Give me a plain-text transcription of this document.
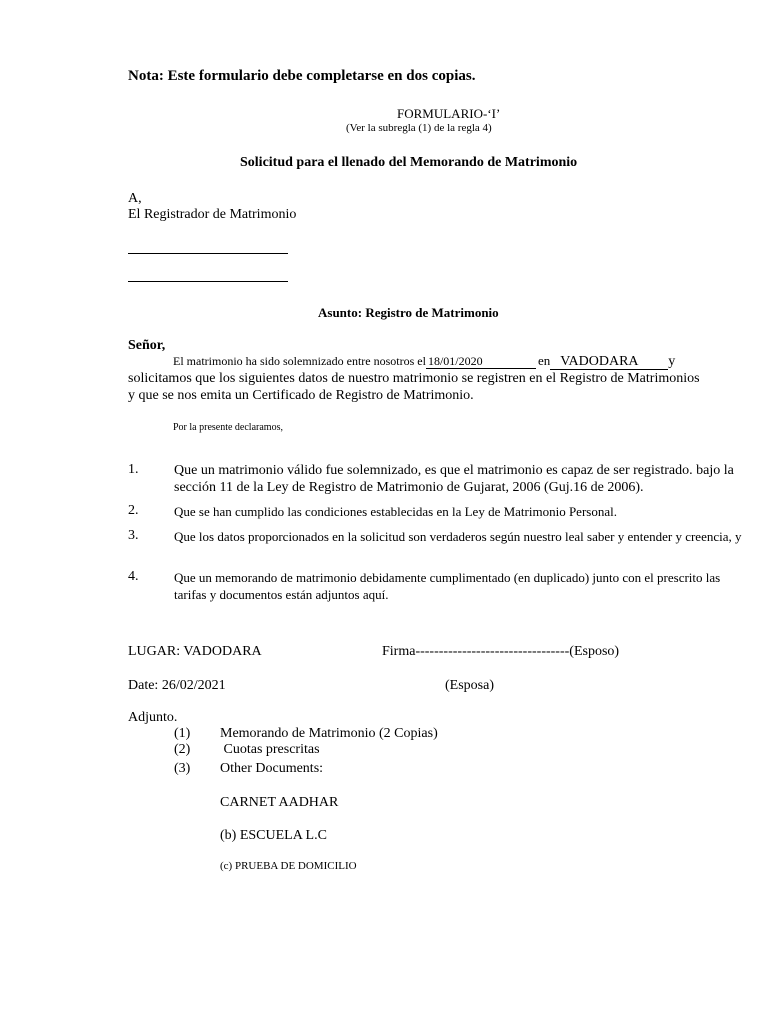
Nota: Este formulario debe completarse en dos copias.
FORMULARIO-‘I’
(Ver la subregla (1) de la regla 4)
Solicitud para el llenado del Memorando de Matrimonio
A,
El Registrador de Matrimonio
Asunto: Registro de Matrimonio
Señor,
El matrimonio ha sido solemnizado entre nosotros el 18/01/2020	en VADODARA y
solicitamos que los siguientes datos de nuestro matrimonio se registren en el Registro de Matrimonios
y que se nos emita un Certificado de Registro de Matrimonio.
Por la presente declaramos,
1.	Que un matrimonio válido fue solemnizado, es que el matrimonio es capaz de ser registrado. bajo la sección 11 de la Ley de Registro de Matrimonio de Gujarat, 2006 (Guj.16 de 2006).
2.	Que se han cumplido las condiciones establecidas en la Ley de Matrimonio Personal.
3.	Que los datos proporcionados en la solicitud son verdaderos según nuestro leal saber y entender y creencia, y
4.	Que un memorando de matrimonio debidamente cumplimentado (en duplicado) junto con el prescrito las tarifas y documentos están adjuntos aquí.
LUGAR: VADODARA	Firma---------------------------------(Esposo)
Date: 26/02/2021	(Esposa)
Adjunto.
(1) Memorando de Matrimonio (2 Copias)
(2) Cuotas prescritas
(3) Other Documents:
CARNET AADHAR
(b) ESCUELA L.C
(c) PRUEBA DE DOMICILIO
